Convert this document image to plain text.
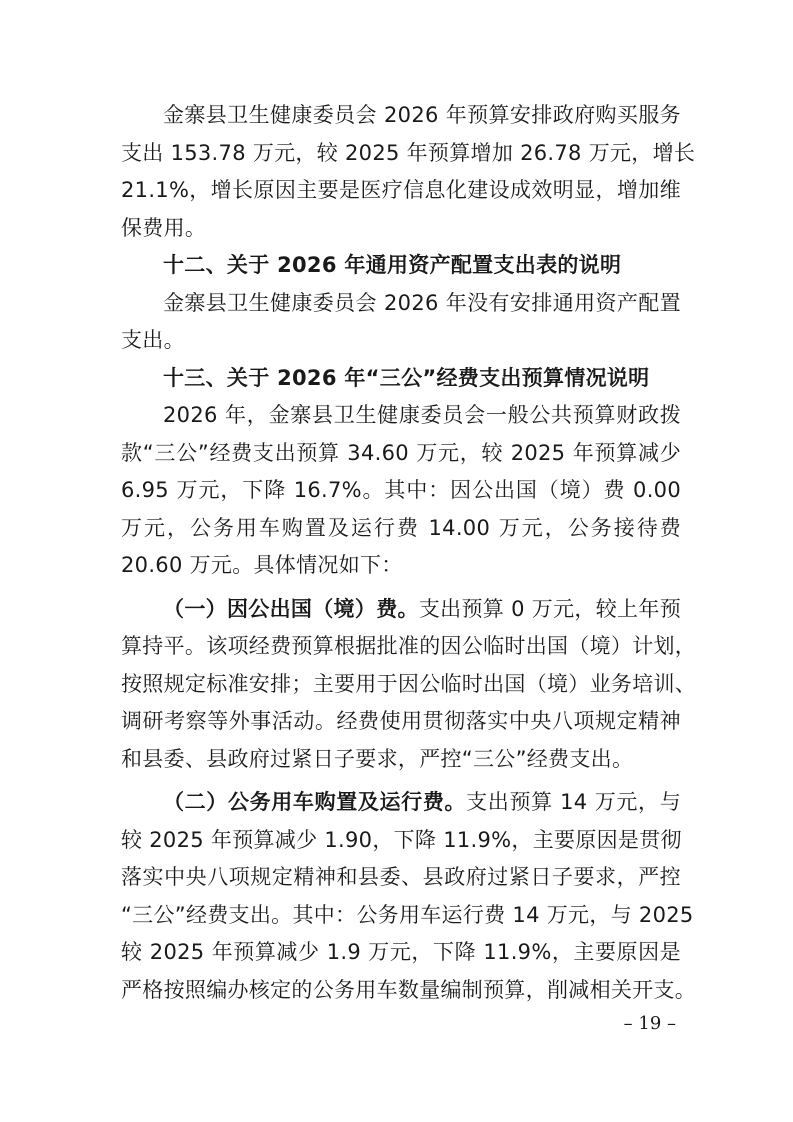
金寨县卫生健康委员会 2026 年预算安排政府购买服务
支出 153.78 万元，较 2025 年预算增加 26.78 万元，增长
21.1%，增长原因主要是医疗信息化建设成效明显，增加维
保费用。
十二、关于 2026 年通用资产配置支出表的说明
金寨县卫生健康委员会 2026 年没有安排通用资产配置
支出。
十三、关于 2026 年“三公”经费支出预算情况说明
2026 年，金寨县卫生健康委员会一般公共预算财政拨
款“三公”经费支出预算 34.60 万元，较 2025 年预算减少
6.95 万元，下降 16.7%。其中：因公出国（境）费 0.00
万元，公务用车购置及运行费 14.00 万元，公务接待费
20.60 万元。具体情况如下：
（一）因公出国（境）费。支出预算 0 万元，较上年预
算持平。该项经费预算根据批准的因公临时出国（境）计划，
按照规定标准安排；主要用于因公临时出国（境）业务培训、
调研考察等外事活动。经费使用贯彻落实中央八项规定精神
和县委、县政府过紧日子要求，严控“三公”经费支出。
（二）公务用车购置及运行费。支出预算 14 万元，与
较 2025 年预算减少 1.90，下降 11.9%，主要原因是贯彻
落实中央八项规定精神和县委、县政府过紧日子要求，严控
“三公”经费支出。其中：公务用车运行费 14 万元，与 2025
较 2025 年预算减少 1.9 万元，下降 11.9%，主要原因是
严格按照编办核定的公务用车数量编制预算，削减相关开支。
– 19 –
